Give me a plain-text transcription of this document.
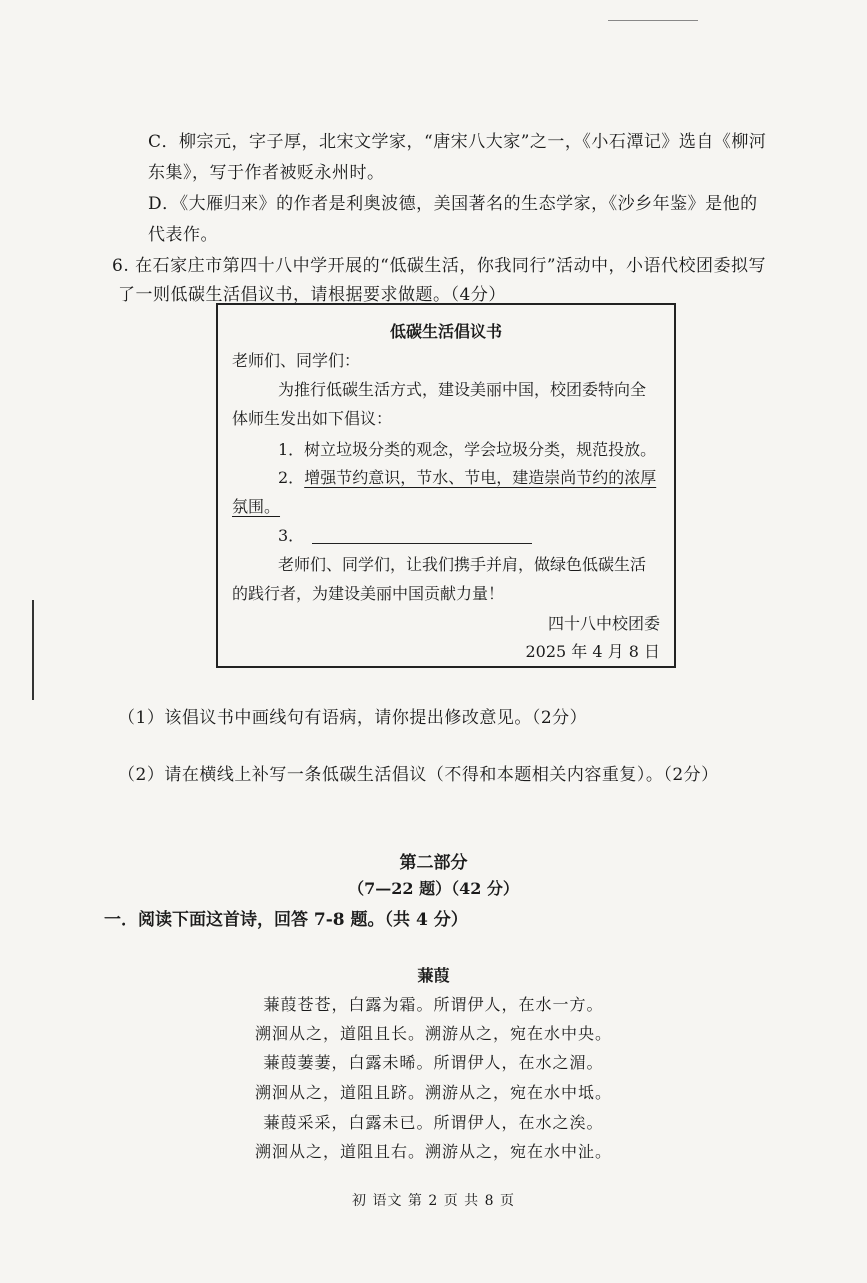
C．柳宗元，字子厚，北宋文学家，“唐宋八大家”之一，《小石潭记》选自《柳河
东集》，写于作者被贬永州时。
D．《大雁归来》的作者是利奥波德，美国著名的生态学家，《沙乡年鉴》是他的
代表作。
6. 在石家庄市第四十八中学开展的“低碳生活，你我同行”活动中，小语代校团委拟写
了一则低碳生活倡议书，请根据要求做题。（4分）
低碳生活倡议书
老师们、同学们：
为推行低碳生活方式，建设美丽中国，校团委特向全
体师生发出如下倡议：
1．树立垃圾分类的观念，学会垃圾分类，规范投放。
2．增强节约意识，节水、节电，建造崇尚节约的浓厚
氛围。
3．
老师们、同学们，让我们携手并肩，做绿色低碳生活
的践行者，为建设美丽中国贡献力量！
四十八中校团委
2025 年 4 月 8 日
（1）该倡议书中画线句有语病，请你提出修改意见。（2分）
（2）请在横线上补写一条低碳生活倡议（不得和本题相关内容重复）。（2分）
第二部分
（7—22 题）（42 分）
一．阅读下面这首诗，回答 7-8 题。（共 4 分）
蒹葭
蒹葭苍苍，白露为霜。所谓伊人，在水一方。
溯洄从之，道阻且长。溯游从之，宛在水中央。
蒹葭萋萋，白露未晞。所谓伊人，在水之湄。
溯洄从之，道阻且跻。溯游从之，宛在水中坻。
蒹葭采采，白露未已。所谓伊人，在水之涘。
溯洄从之，道阻且右。溯游从之，宛在水中沚。
初 语文 第 2 页 共 8 页
